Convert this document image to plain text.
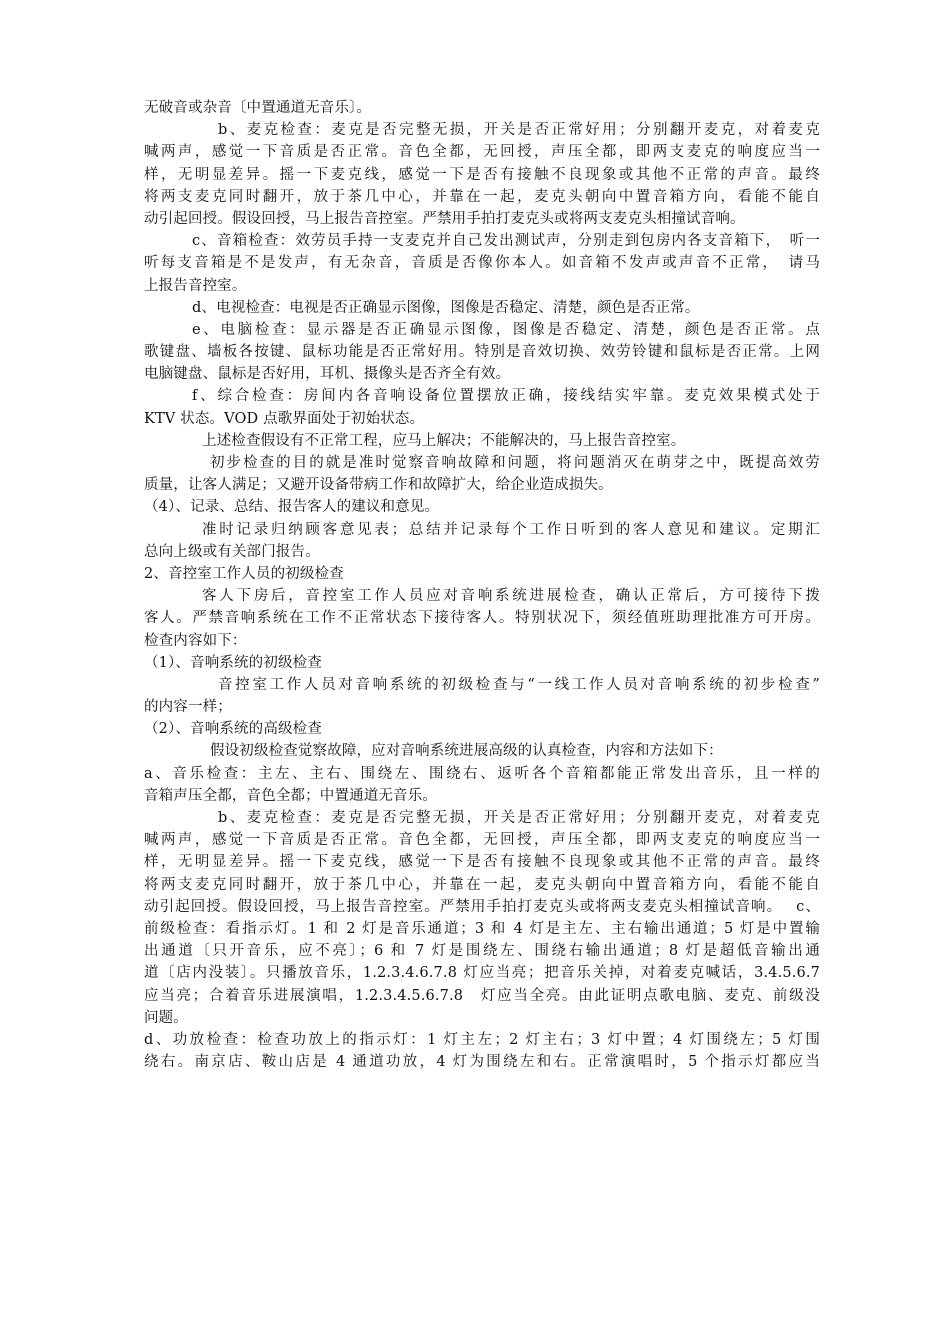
无破音或杂音〔中置通道无音乐〕。
b、麦克检查：麦克是否完整无损，开关是否正常好用；分别翻开麦克，对着麦克
喊两声，感觉一下音质是否正常。音色全都，无回授，声压全都，即两支麦克的响度应当一
样，无明显差异。摇一下麦克线，感觉一下是否有接触不良现象或其他不正常的声音。最终
将两支麦克同时翻开，放于茶几中心，并靠在一起，麦克头朝向中置音箱方向，看能不能自
动引起回授。假设回授，马上报告音控室。严禁用手拍打麦克头或将两支麦克头相撞试音响。
c、音箱检查：效劳员手持一支麦克并自己发出测试声，分别走到包房内各支音箱下，　听一
听每支音箱是不是发声，有无杂音，音质是否像你本人。如音箱不发声或声音不正常，　请马
上报告音控室。
d、电视检查：电视是否正确显示图像，图像是否稳定、清楚，颜色是否正常。
e、电脑检查：显示器是否正确显示图像，图像是否稳定、清楚，颜色是否正常。点
歌键盘、墙板各按键、鼠标功能是否正常好用。特别是音效切换、效劳铃键和鼠标是否正常。上网
电脑键盘、鼠标是否好用，耳机、摄像头是否齐全有效。
f、综合检查：房间内各音响设备位置摆放正确，接线结实牢靠。麦克效果模式处于
KTV 状态。VOD 点歌界面处于初始状态。
上述检查假设有不正常工程，应马上解决；不能解决的，马上报告音控室。
初步检查的目的就是准时觉察音响故障和问题，将问题消灭在萌芽之中，既提高效劳
质量，让客人满足；又避开设备带病工作和故障扩大，给企业造成损失。
（4）、记录、总结、报告客人的建议和意见。
准时记录归纳顾客意见表；总结并记录每个工作日听到的客人意见和建议。定期汇
总向上级或有关部门报告。
2、音控室工作人员的初级检查
客人下房后，音控室工作人员应对音响系统进展检查，确认正常后，方可接待下拨
客人。严禁音响系统在工作不正常状态下接待客人。特别状况下，须经值班助理批准方可开房。
检查内容如下：
（1）、音响系统的初级检查
音控室工作人员对音响系统的初级检查与“一线工作人员对音响系统的初步检查”
的内容一样；
（2）、音响系统的高级检查
假设初级检查觉察故障，应对音响系统进展高级的认真检查，内容和方法如下：
a、音乐检查：主左、主右、围绕左、围绕右、返听各个音箱都能正常发出音乐，且一样的
音箱声压全都，音色全都；中置通道无音乐。
b、麦克检查：麦克是否完整无损，开关是否正常好用；分别翻开麦克，对着麦克
喊两声，感觉一下音质是否正常。音色全都，无回授，声压全都，即两支麦克的响度应当一
样，无明显差异。摇一下麦克线，感觉一下是否有接触不良现象或其他不正常的声音。最终
将两支麦克同时翻开，放于茶几中心，并靠在一起，麦克头朝向中置音箱方向，看能不能自
动引起回授。假设回授，马上报告音控室。严禁用手拍打麦克头或将两支麦克头相撞试音响。　 c、
前级检查：看指示灯。1 和 2 灯是音乐通道；3 和 4 灯是主左、主右输出通道；5 灯是中置输
出通道〔只开音乐，应不亮〕；6 和 7 灯是围绕左、围绕右输出通道；8 灯是超低音输出通
道〔店内没装〕。只播放音乐，1.2.3.4.6.7.8 灯应当亮；把音乐关掉，对着麦克喊话，3.4.5.6.7
应当亮；合着音乐进展演唱，1.2.3.4.5.6.7.8　灯应当全亮。由此证明点歌电脑、麦克、前级没
问题。
d、功放检查：检查功放上的指示灯：1 灯主左；2 灯主右；3 灯中置；4 灯围绕左；5 灯围
绕右。南京店、鞍山店是 4 通道功放，4 灯为围绕左和右。正常演唱时，5 个指示灯都应当
